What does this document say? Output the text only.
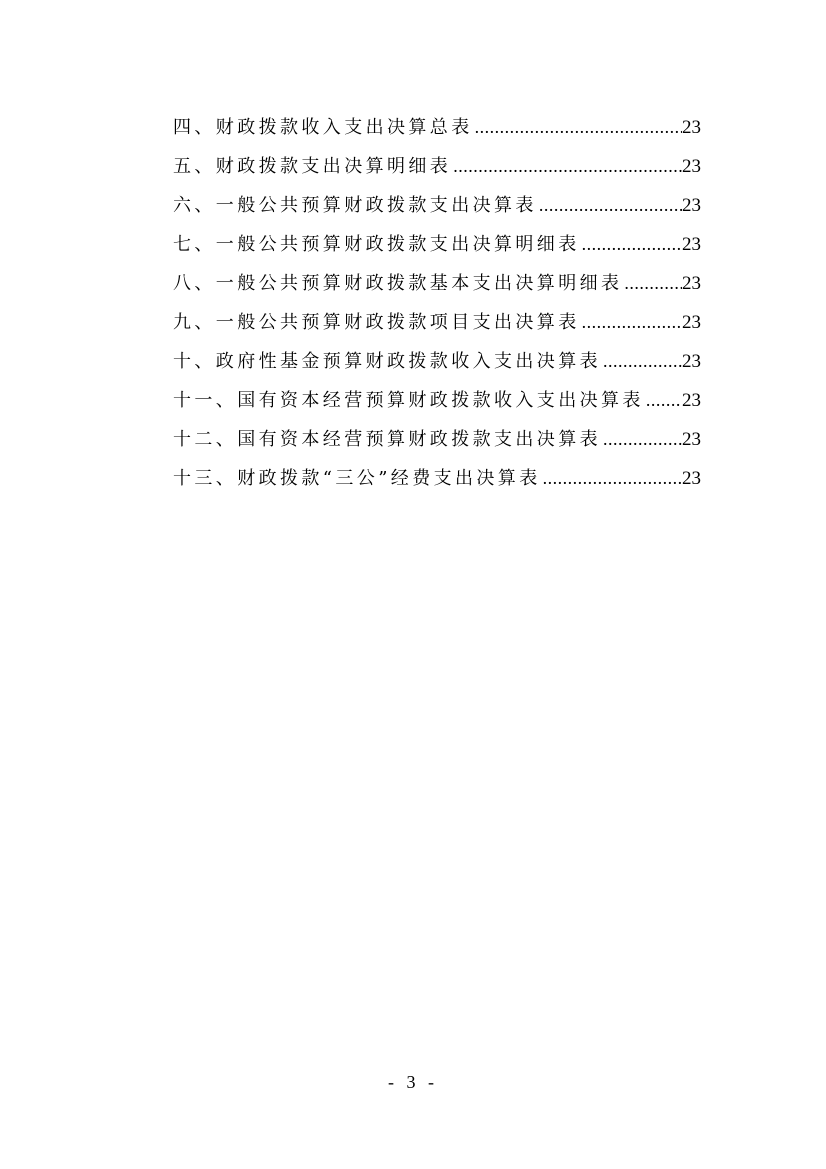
四、财政拨款收入支出决算总表 .....	23
五、财政拨款支出决算明细表 .....	23
六、一般公共预算财政拨款支出决算表 .....	23
七、一般公共预算财政拨款支出决算明细表 .....	23
八、一般公共预算财政拨款基本支出决算明细表 .....	23
九、一般公共预算财政拨款项目支出决算表 .....	23
十、政府性基金预算财政拨款收入支出决算表 .....	23
十一、国有资本经营预算财政拨款收入支出决算表 ..... 23
十二、国有资本经营预算财政拨款支出决算表 .....	23
十三、财政拨款“三公”经费支出决算表 .....	23
- 3 -
